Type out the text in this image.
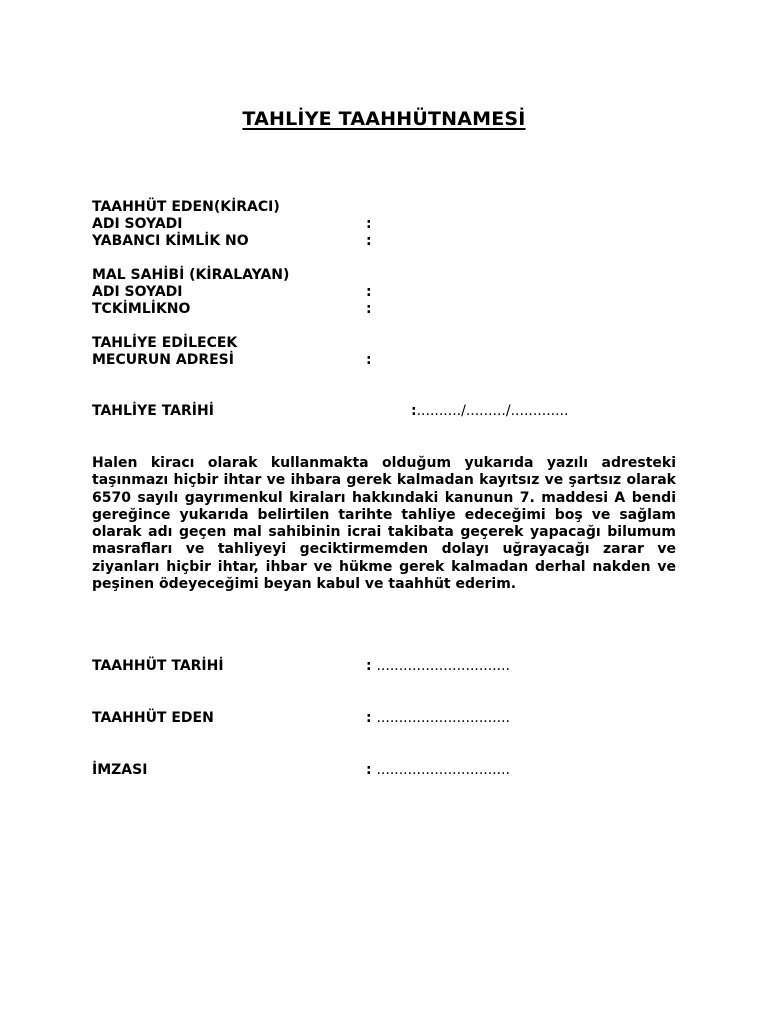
TAHLİYE TAAHHÜTNAMESİ
TAAHHÜT EDEN(KİRACI)
ADI SOYADI	:
YABANCI KİMLİK NO	:
MAL SAHİBİ (KİRALAYAN)
ADI SOYADI	:
TCKİMLİKNO	:
TAHLİYE EDİLECEK
MECURUN ADRESİ	:
TAHLİYE TARİHİ	:........../........./.............
Halen kiracı olarak kullanmakta olduğum yukarıda yazılı adresteki taşınmazı hiçbir ihtar ve ihbara gerek kalmadan kayıtsız ve şartsız olarak 6570 sayılı gayrımenkul kiraları hakkındaki kanunun 7. maddesi A bendi gereğince yukarıda belirtilen tarihte tahliye edeceğimi boş ve sağlam olarak adı geçen mal sahibinin icrai takibata geçerek yapacağı bilumum masrafları ve tahliyeyi geciktirmemden dolayı uğrayacağı zarar ve ziyanları hiçbir ihtar, ihbar ve hükme gerek kalmadan derhal nakden ve peşinen ödeyeceğimi beyan kabul ve taahhüt ederim.
TAAHHÜT TARİHİ	: ..............................
TAAHHÜT EDEN	: ..............................
İMZASI	: ..............................
